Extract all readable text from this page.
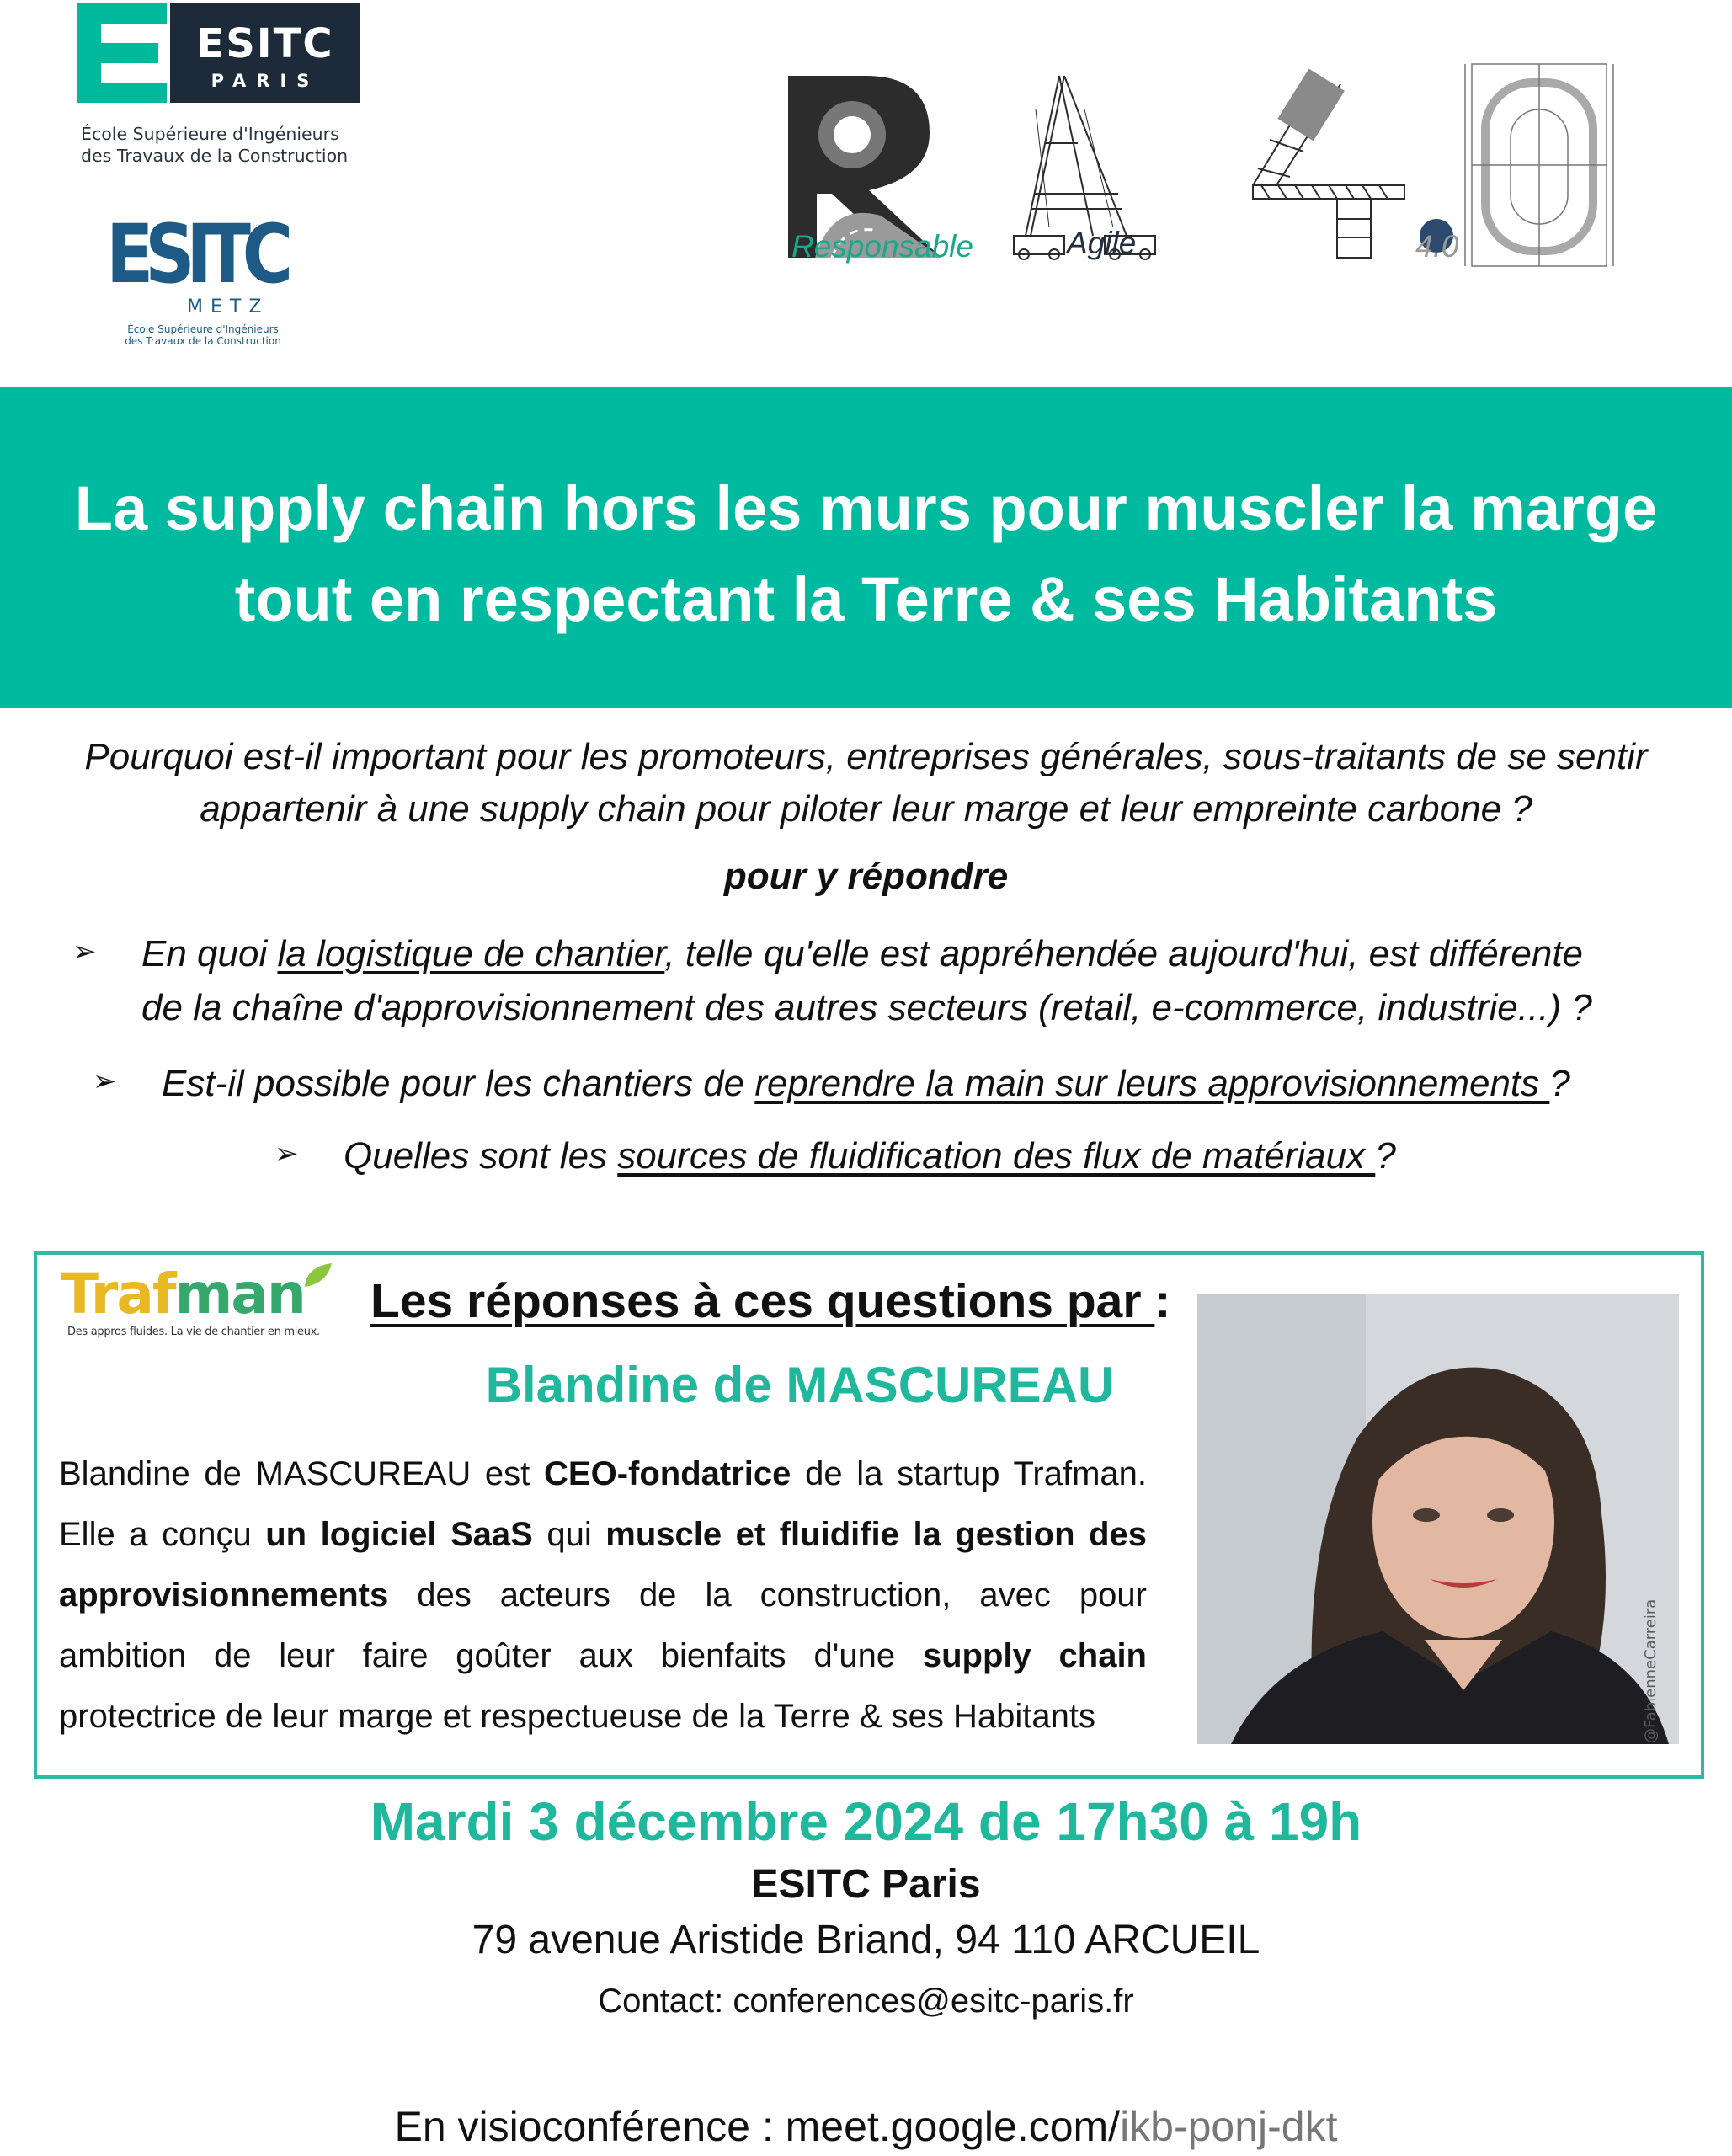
ESITC
PARIS
École Supérieure d'Ingénieurs
des Travaux de la Construction
ESITC
METZ
École Supérieure d'Ingénieurs
des Travaux de la Construction
Responsable	Agile	4.0
La supply chain hors les murs pour muscler la marge
tout en respectant la Terre & ses Habitants
Pourquoi est-il important pour les promoteurs, entreprises générales, sous-traitants de se sentir
appartenir à une supply chain pour piloter leur marge et leur empreinte carbone ?
pour y répondre
➢ En quoi la logistique de chantier, telle qu'elle est appréhendée aujourd'hui, est différente
de la chaîne d'approvisionnement des autres secteurs (retail, e-commerce, industrie...) ?
➢ Est-il possible pour les chantiers de reprendre la main sur leurs approvisionnements ?
➢ Quelles sont les sources de fluidification des flux de matériaux ?
Trafman
Des appros fluides. La vie de chantier en mieux.
Les réponses à ces questions par :
Blandine de MASCUREAU
Blandine de MASCUREAU est CEO-fondatrice de la startup Trafman. Elle a conçu un logiciel SaaS qui muscle et fluidifie la gestion des approvisionnements des acteurs de la construction, avec pour ambition de leur faire goûter aux bienfaits d'une supply chain protectrice de leur marge et respectueuse de la Terre & ses Habitants	@FabienneCarreira
Mardi 3 décembre 2024 de 17h30 à 19h
ESITC Paris
79 avenue Aristide Briand, 94 110 ARCUEIL
Contact: conferences@esitc-paris.fr
En visioconférence : meet.google.com/ikb-ponj-dkt
